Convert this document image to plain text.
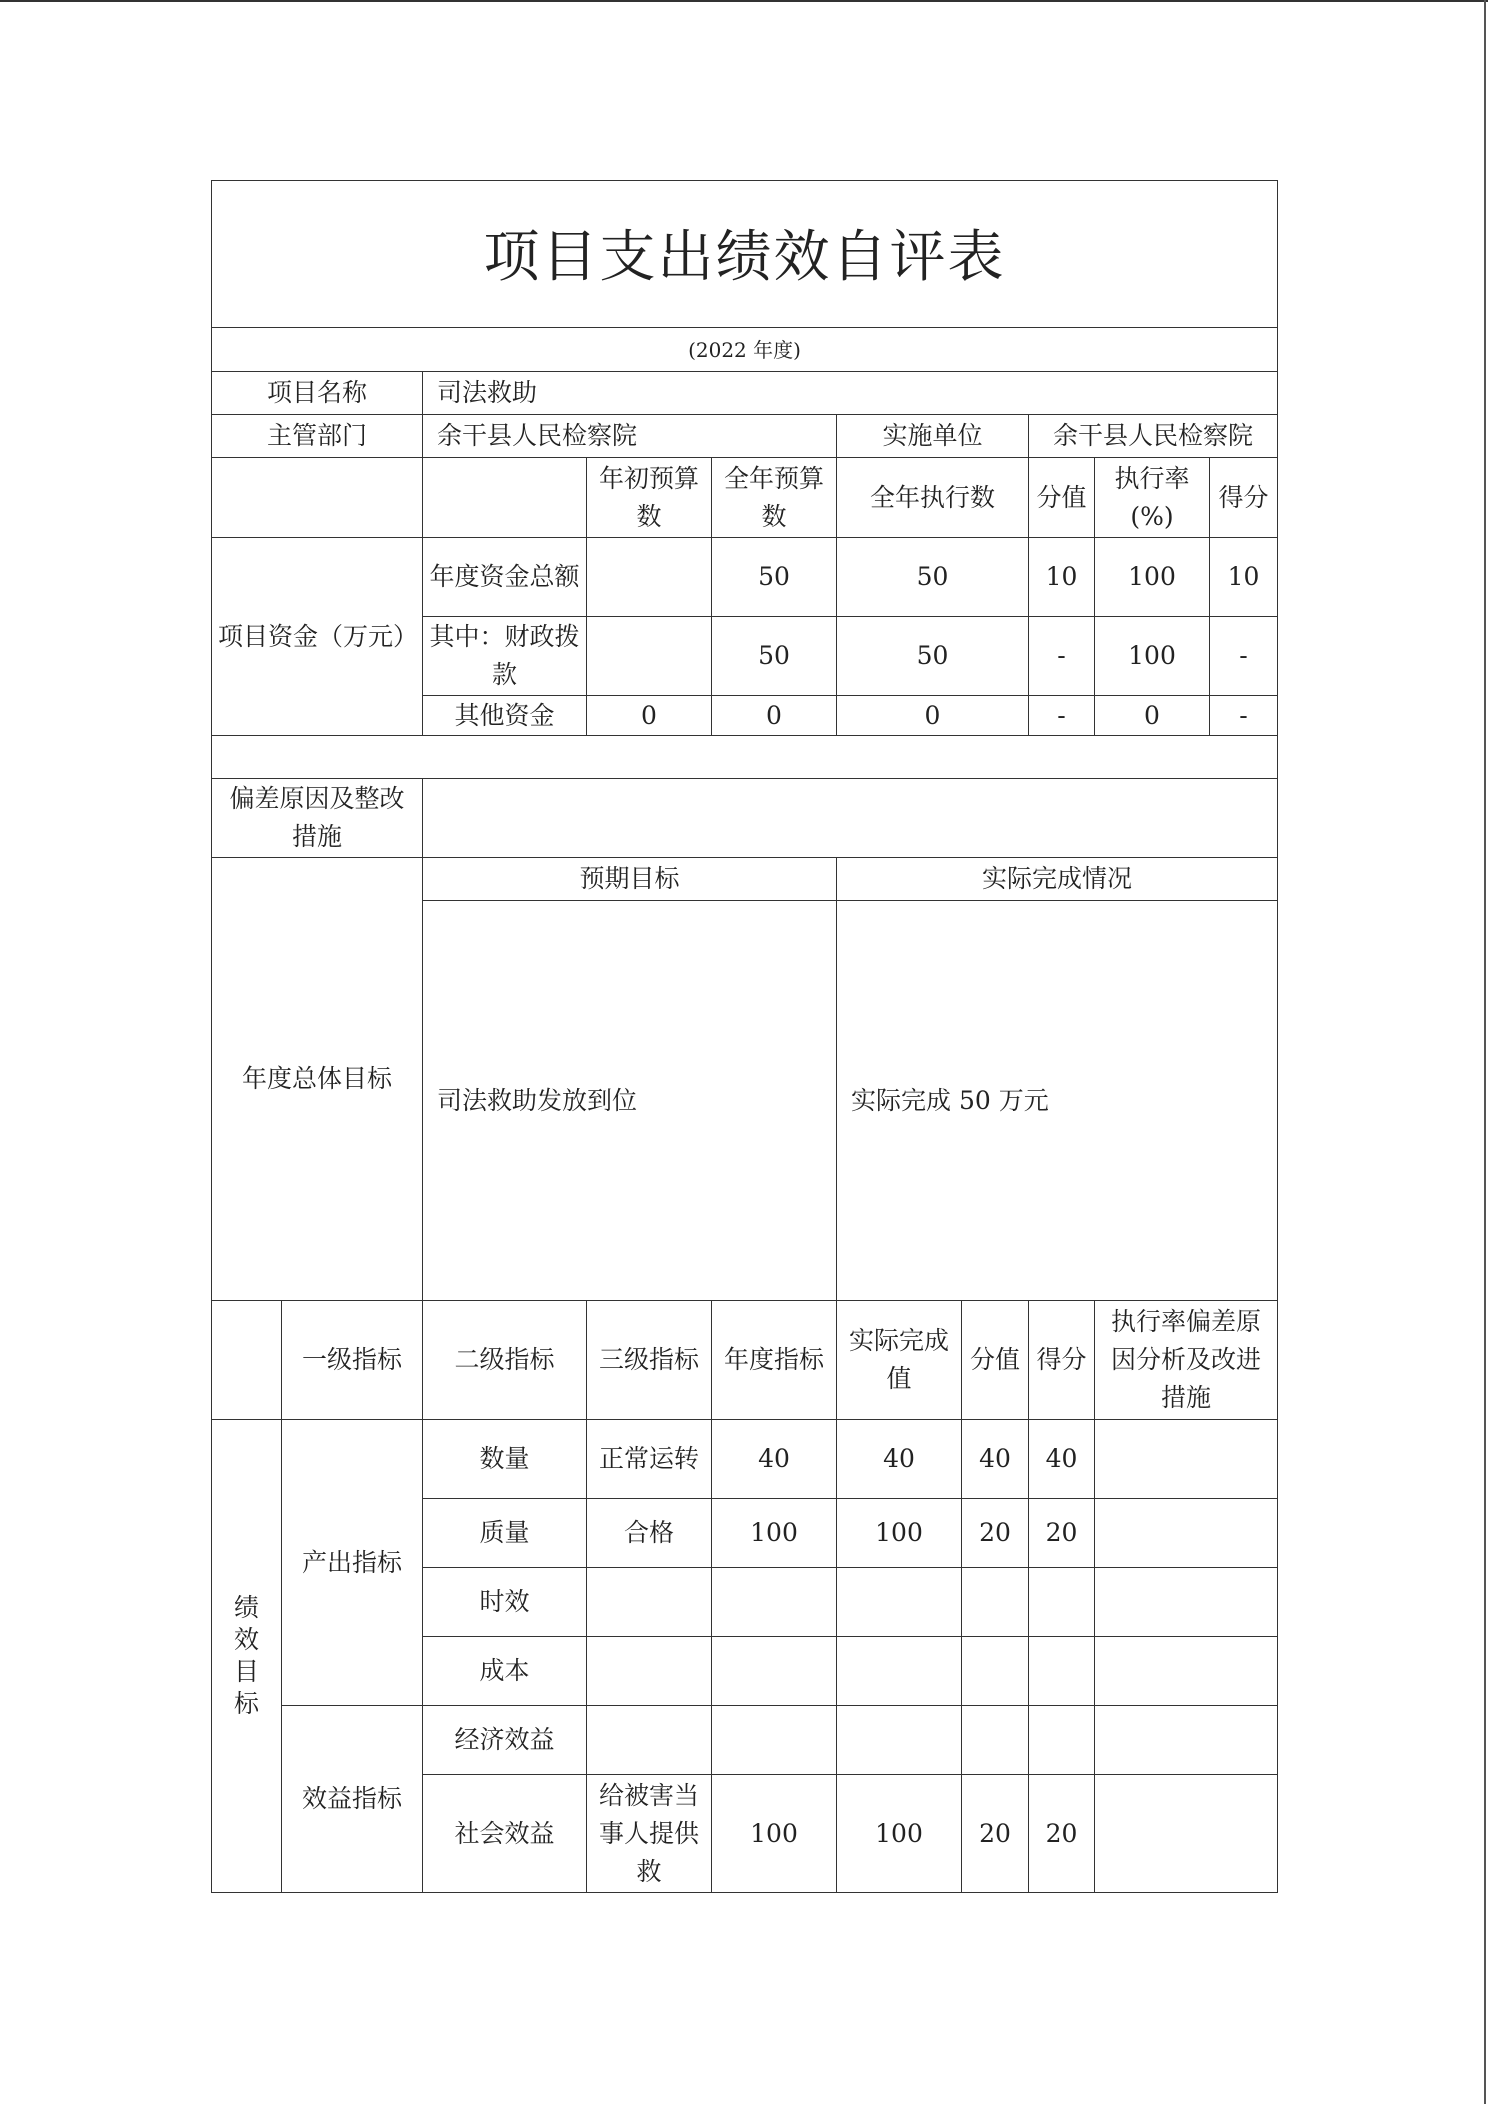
项目支出绩效自评表									
(2022 年度)									
项目名称		司法救助							
主管部门		余干县人民检察院			实施单位		余干县人民检察院		
			年初预算数	全年预算数	全年执行数		分值	执行率(%)	得分
项目资金（万元）		年度资金总额		50	50		10	100	10
		其中：财政拨款		50	50		-	100	-
		其他资金	0	0	0		-	0	-

偏差原因及整改措施									
年度总体目标		预期目标			实际完成情况				
		司法救助发放到位			实际完成 50 万元				
	一级指标	二级指标	三级指标	年度指标	实际完成值	分值	得分	执行率偏差原因分析及改进措施	
绩效目标	产出指标	数量	正常运转	40	40	40	40		
		质量	合格	100	100	20	20		
		时效							
		成本							
	效益指标	经济效益							
		社会效益	给被害当事人提供救	100	100	20	20		
